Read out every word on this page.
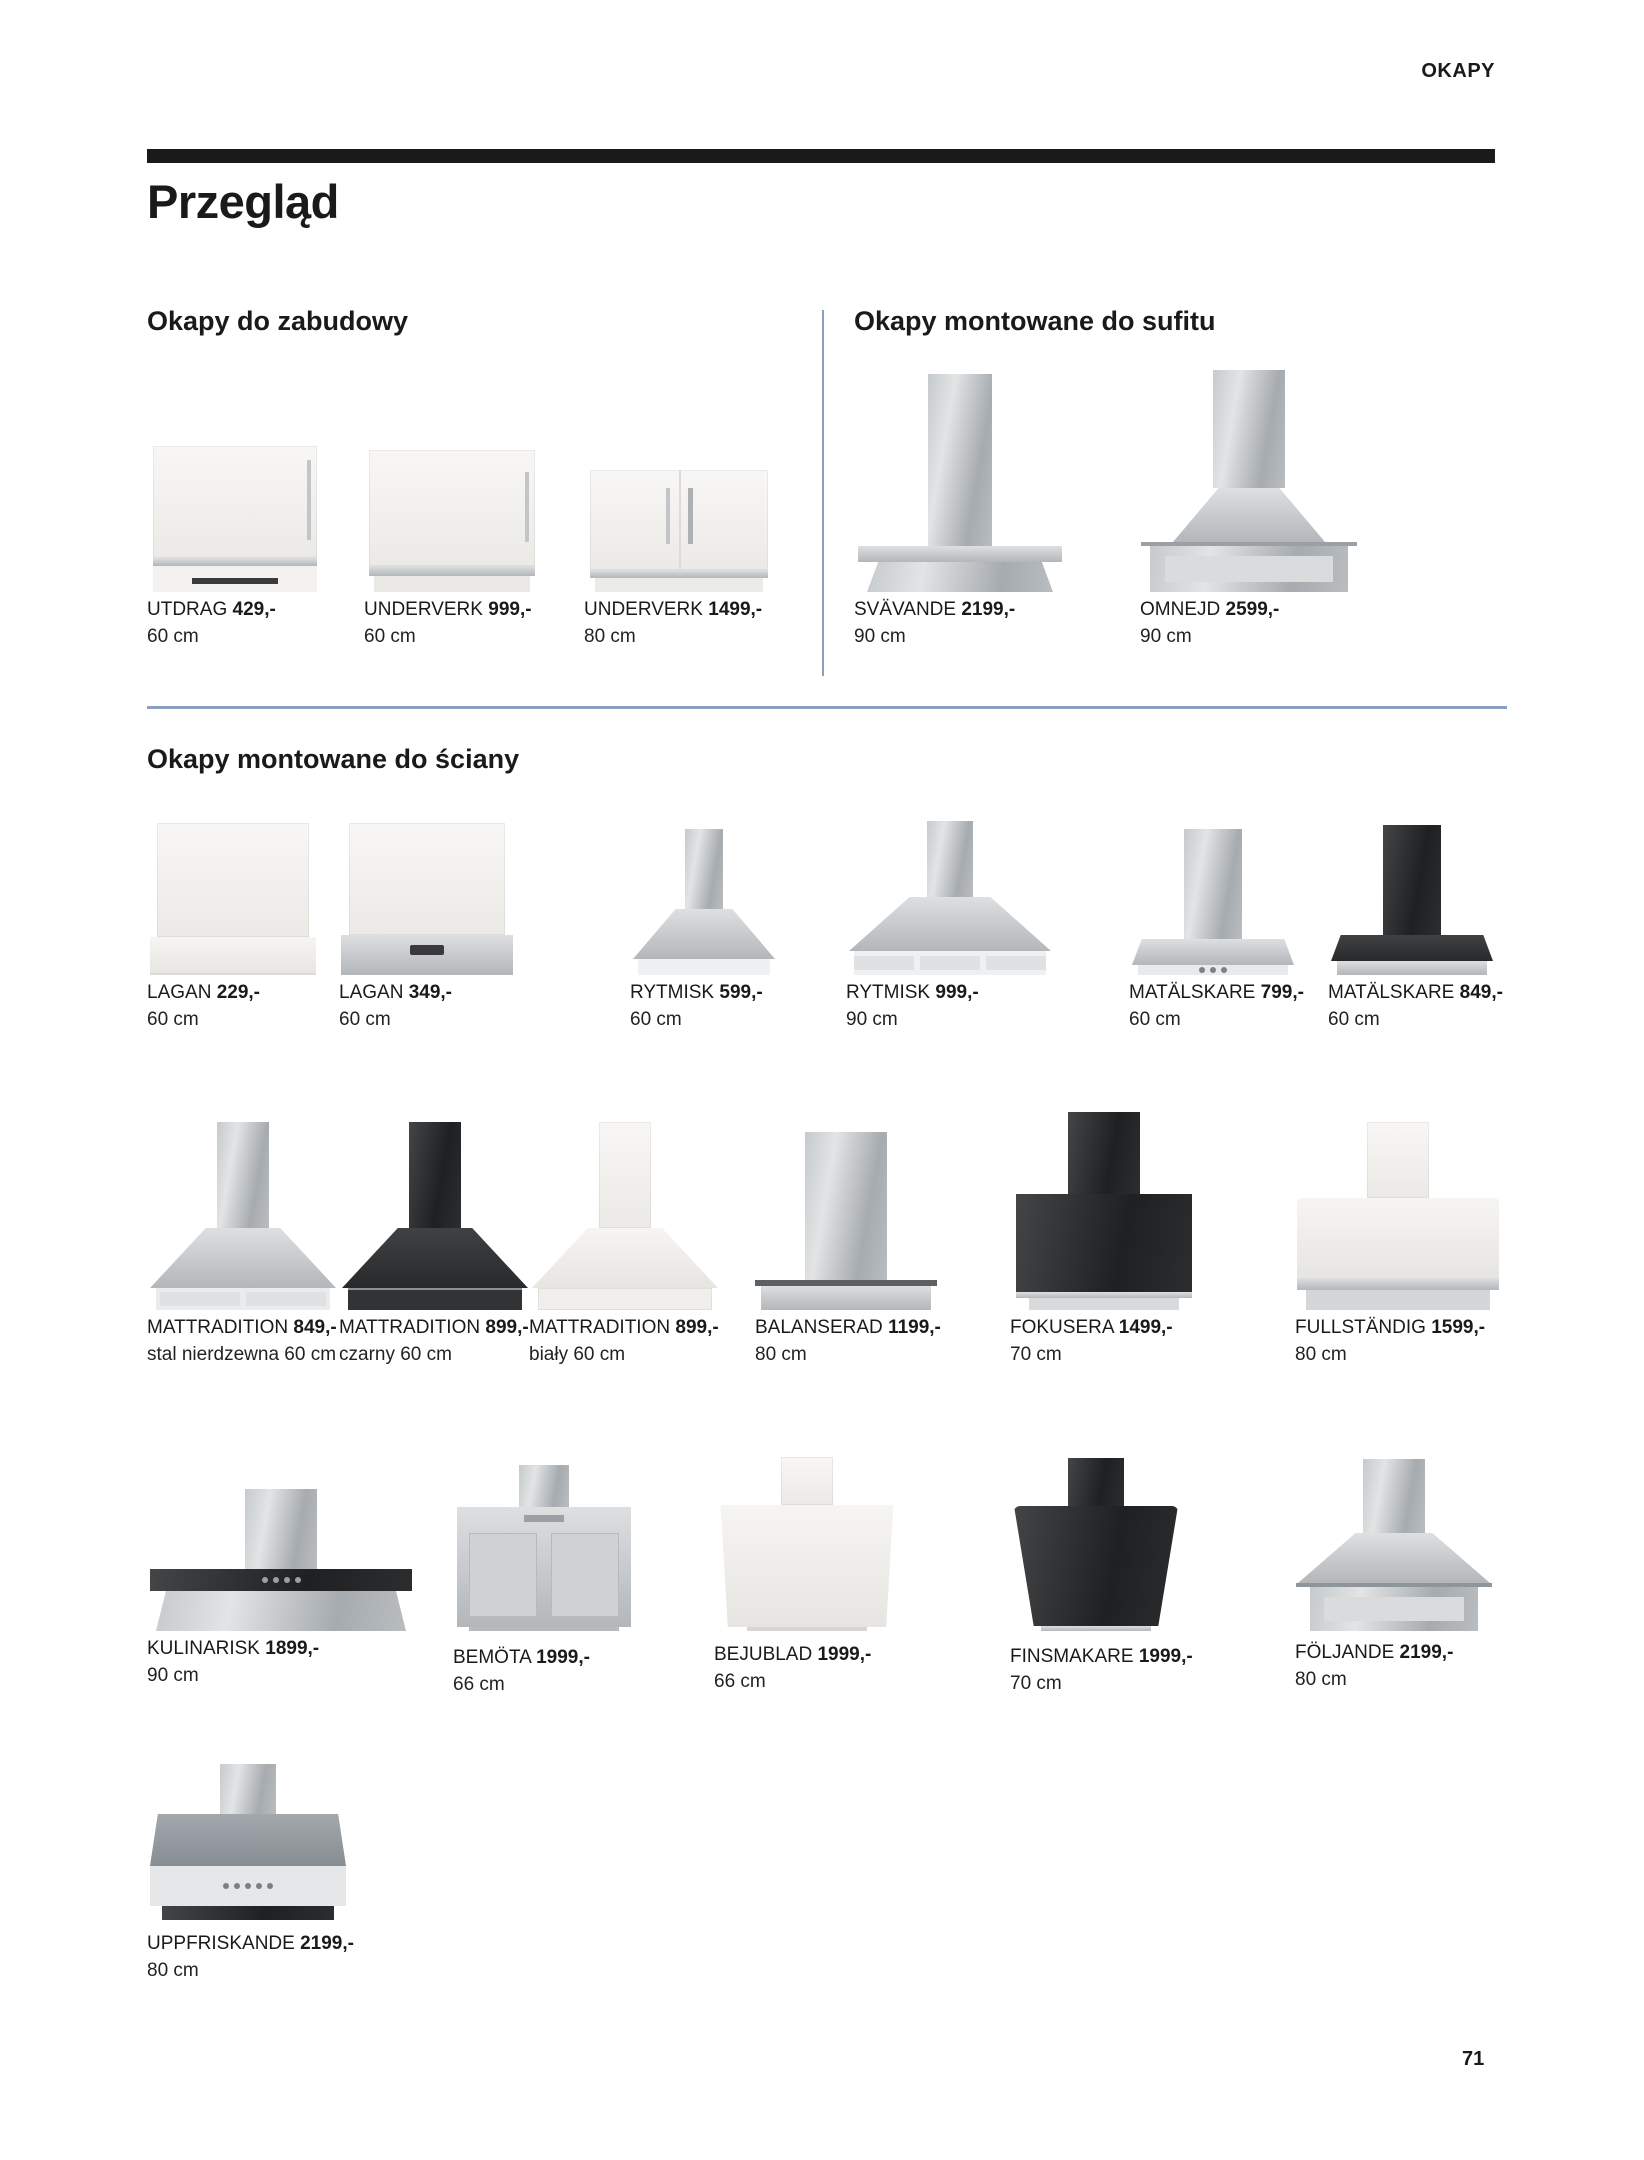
OKAPY
Przegląd
Okapy do zabudowy	Okapy montowane do sufitu
Okapy montowane do ściany
71
UTDRAG 429,-
60 cm
UNDERVERK 999,-
60 cm
UNDERVERK 1499,-
80 cm
SVÄVANDE 2199,-
90 cm
OMNEJD 2599,-
90 cm
LAGAN 229,-
60 cm
LAGAN 349,-
60 cm
RYTMISK 599,-
60 cm
RYTMISK 999,-
90 cm
MATÄLSKARE 799,-
60 cm
MATÄLSKARE 849,-
60 cm
MATTRADITION 849,-
stal nierdzewna 60 cm
MATTRADITION 899,-
czarny 60 cm
MATTRADITION 899,-
biały 60 cm
BALANSERAD 1199,-
80 cm
FOKUSERA 1499,-
70 cm
FULLSTÄNDIG 1599,-
80 cm
KULINARISK 1899,-
90 cm
BEMÖTA 1999,-
66 cm
BEJUBLAD 1999,-
66 cm
FINSMAKARE 1999,-
70 cm
FÖLJANDE 2199,-
80 cm
UPPFRISKANDE 2199,-
80 cm
